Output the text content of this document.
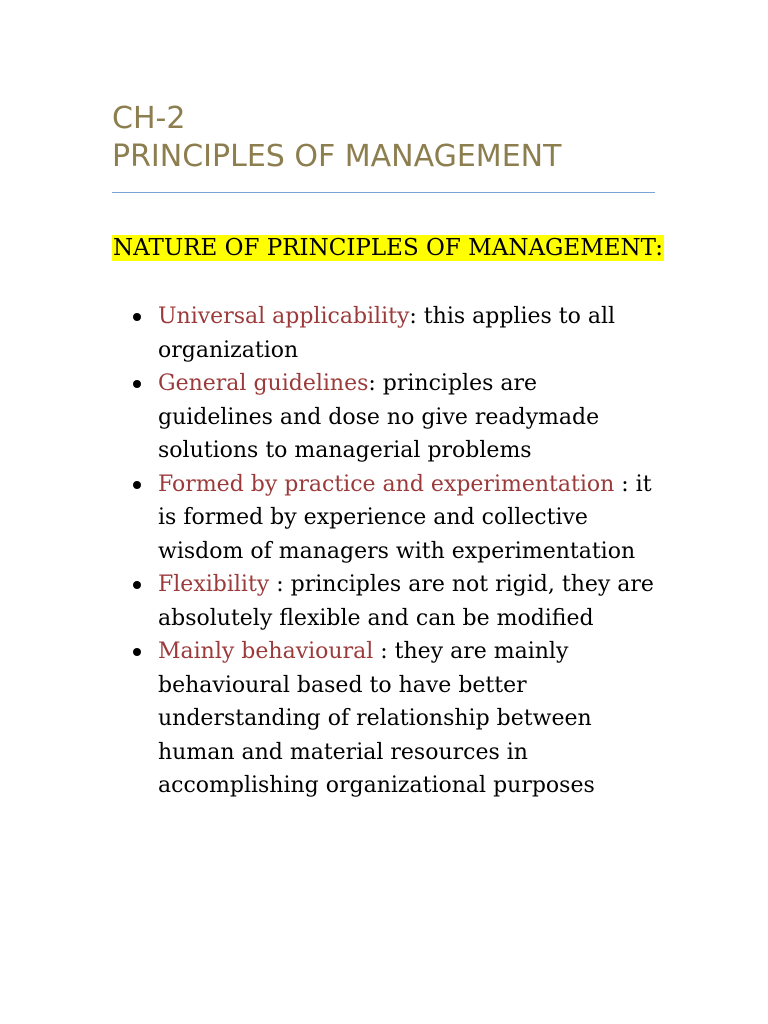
CH-2
PRINCIPLES OF MANAGEMENT
NATURE OF PRINCIPLES OF MANAGEMENT:
Universal applicability: this applies to all organization
General guidelines: principles are guidelines and dose no give readymade solutions to managerial problems
Formed by practice and experimentation : it is formed by experience and collective wisdom of managers with experimentation
Flexibility : principles are not rigid, they are absolutely flexible and can be modified
Mainly behavioural : they are mainly behavioural based to have better understanding of relationship between human and material resources in accomplishing organizational purposes
